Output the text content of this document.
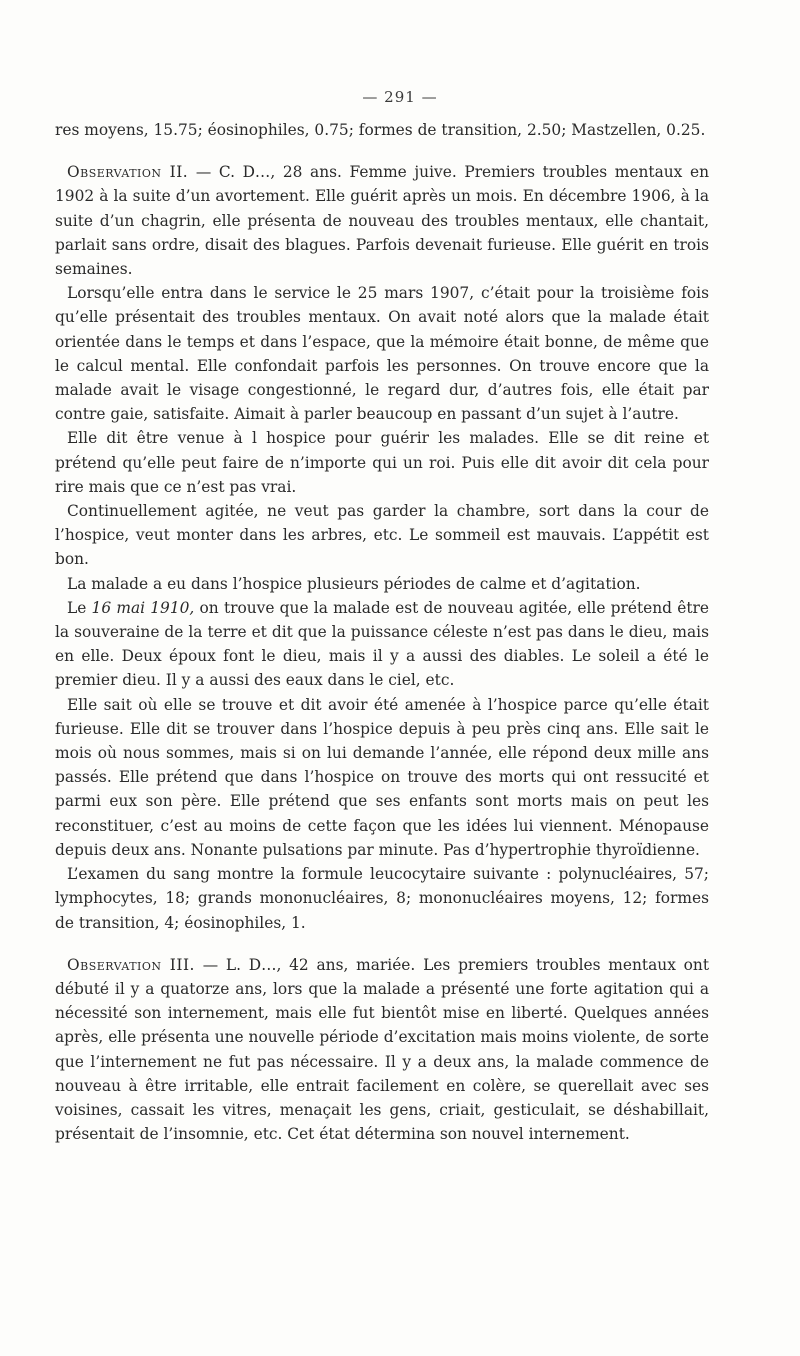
— 291 —

res moyens, 15.75; éosinophiles, 0.75; formes de transition, 2.50; Mastzellen, 0.25.

Observation II. — C. D…, 28 ans. Femme juive. Premiers troubles mentaux en 1902 à la suite d’un avortement. Elle guérit après un mois. En décembre 1906, à la suite d’un chagrin, elle présenta de nouveau des troubles mentaux, elle chantait, parlait sans ordre, disait des blagues. Parfois devenait furieuse. Elle guérit en trois semaines.

Lorsqu’elle entra dans le service le 25 mars 1907, c’était pour la troisième fois qu’elle présentait des troubles mentaux. On avait noté alors que la malade était orientée dans le temps et dans l’espace, que la mémoire était bonne, de même que le calcul mental. Elle confondait parfois les personnes. On trouve encore que la malade avait le visage congestionné, le regard dur, d’autres fois, elle était par contre gaie, satisfaite. Aimait à parler beaucoup en passant d’un sujet à l’autre.

Elle dit être venue à l hospice pour guérir les malades. Elle se dit reine et prétend qu’elle peut faire de n’importe qui un roi. Puis elle dit avoir dit cela pour rire mais que ce n’est pas vrai.

Continuellement agitée, ne veut pas garder la chambre, sort dans la cour de l’hospice, veut monter dans les arbres, etc. Le sommeil est mauvais. L’appétit est bon.

La malade a eu dans l’hospice plusieurs périodes de calme et d’agitation.

Le 16 mai 1910, on trouve que la malade est de nouveau agitée, elle prétend être la souveraine de la terre et dit que la puissance céleste n’est pas dans le dieu, mais en elle. Deux époux font le dieu, mais il y a aussi des diables. Le soleil a été le premier dieu. Il y a aussi des eaux dans le ciel, etc.

Elle sait où elle se trouve et dit avoir été amenée à l’hospice parce qu’elle était furieuse. Elle dit se trouver dans l’hospice depuis à peu près cinq ans. Elle sait le mois où nous sommes, mais si on lui demande l’année, elle répond deux mille ans passés. Elle prétend que dans l’hospice on trouve des morts qui ont ressucité et parmi eux son père. Elle prétend que ses enfants sont morts mais on peut les reconstituer, c’est au moins de cette façon que les idées lui viennent. Ménopause depuis deux ans. Nonante pulsations par minute. Pas d’hypertrophie thyroïdienne.

L’examen du sang montre la formule leucocytaire suivante : polynucléaires, 57; lymphocytes, 18; grands mononucléaires, 8; mononucléaires moyens, 12; formes de transition, 4; éosinophiles, 1.

Observation III. — L. D…, 42 ans, mariée. Les premiers troubles mentaux ont débuté il y a quatorze ans, lors que la malade a présenté une forte agitation qui a nécessité son internement, mais elle fut bientôt mise en liberté. Quelques années après, elle présenta une nouvelle période d’excitation mais moins violente, de sorte que l’internement ne fut pas nécessaire. Il y a deux ans, la malade commence de nouveau à être irritable, elle entrait facilement en colère, se querellait avec ses voisines, cassait les vitres, menaçait les gens, criait, gesticulait, se déshabillait, présentait de l’insomnie, etc. Cet état détermina son nouvel internement.
